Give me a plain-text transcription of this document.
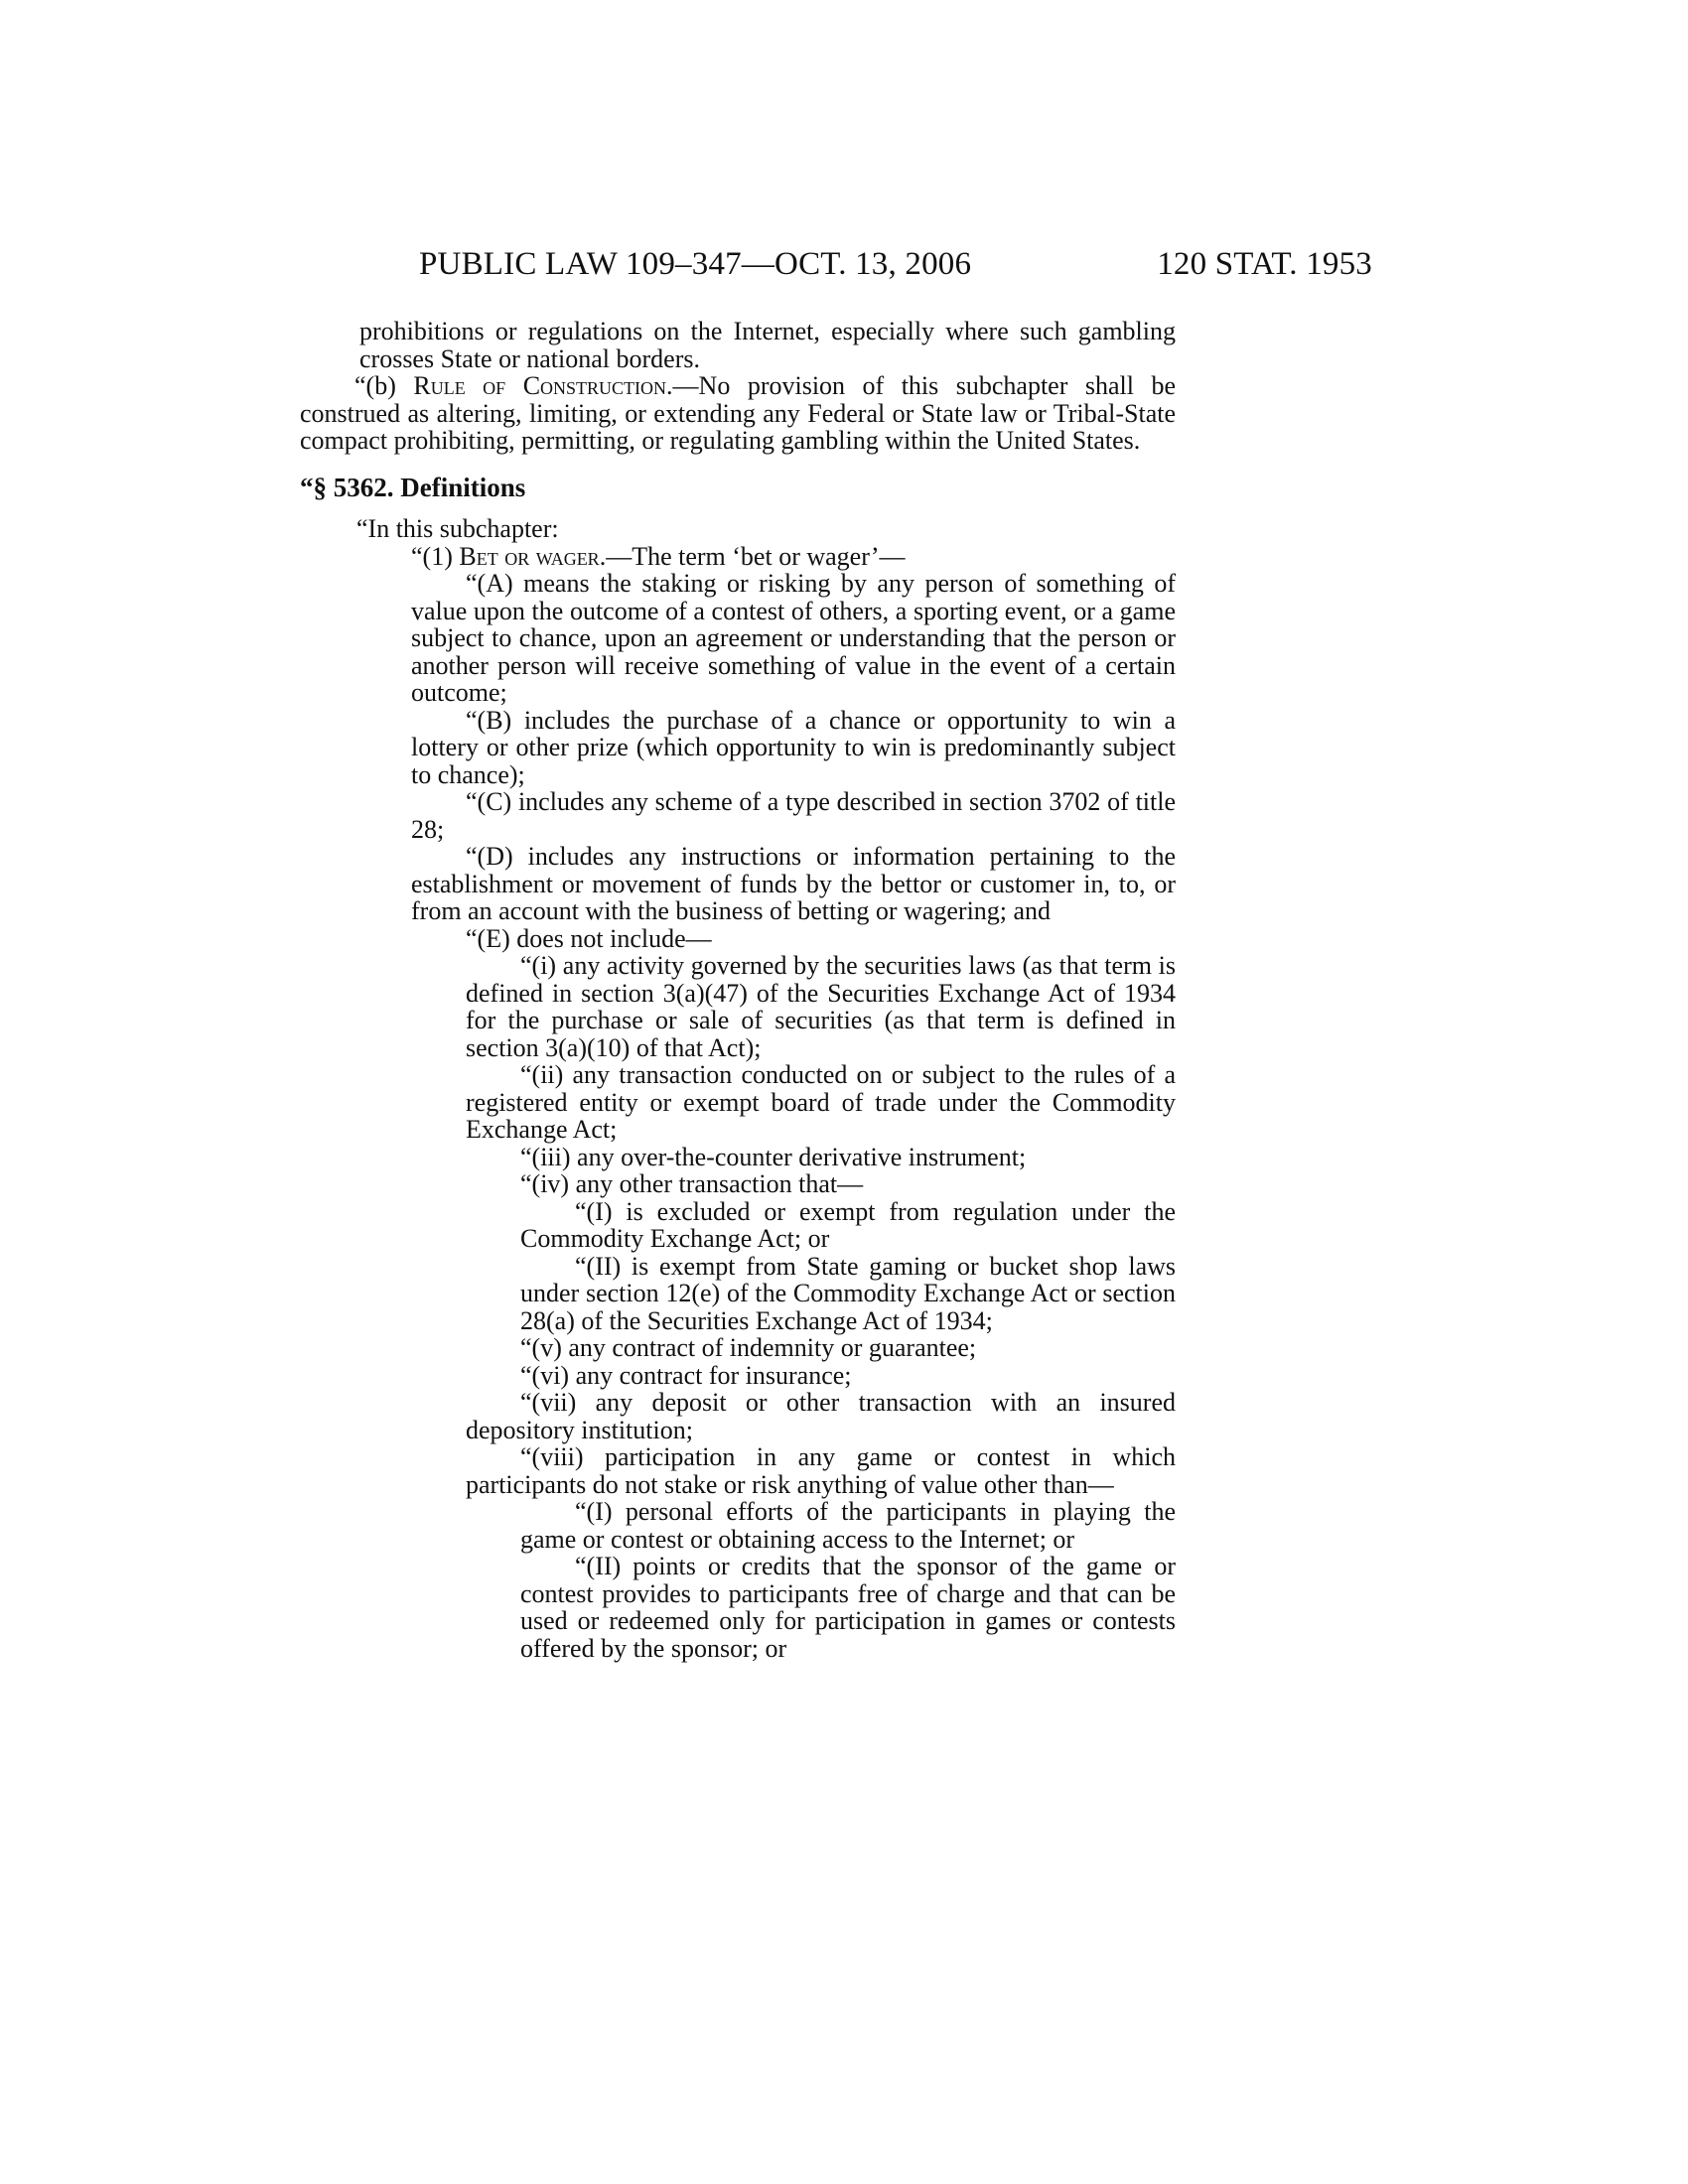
PUBLIC LAW 109–347—OCT. 13, 2006	120 STAT. 1953

prohibitions or regulations on the Internet, especially where such gambling crosses State or national borders.

“(b) Rule of Construction.—No provision of this subchapter shall be construed as altering, limiting, or extending any Federal or State law or Tribal-State compact prohibiting, permitting, or regulating gambling within the United States.

“§ 5362. Definitions

“In this subchapter:

“(1) Bet or wager.—The term ‘bet or wager’—

“(A) means the staking or risking by any person of something of value upon the outcome of a contest of others, a sporting event, or a game subject to chance, upon an agreement or understanding that the person or another person will receive something of value in the event of a certain outcome;

“(B) includes the purchase of a chance or opportunity to win a lottery or other prize (which opportunity to win is predominantly subject to chance);

“(C) includes any scheme of a type described in section 3702 of title 28;

“(D) includes any instructions or information pertaining to the establishment or movement of funds by the bettor or customer in, to, or from an account with the business of betting or wagering; and

“(E) does not include—

“(i) any activity governed by the securities laws (as that term is defined in section 3(a)(47) of the Securities Exchange Act of 1934 for the purchase or sale of securities (as that term is defined in section 3(a)(10) of that Act);

“(ii) any transaction conducted on or subject to the rules of a registered entity or exempt board of trade under the Commodity Exchange Act;

“(iii) any over-the-counter derivative instrument;

“(iv) any other transaction that—

“(I) is excluded or exempt from regulation under the Commodity Exchange Act; or

“(II) is exempt from State gaming or bucket shop laws under section 12(e) of the Commodity Exchange Act or section 28(a) of the Securities Exchange Act of 1934;

“(v) any contract of indemnity or guarantee;

“(vi) any contract for insurance;

“(vii) any deposit or other transaction with an insured depository institution;

“(viii) participation in any game or contest in which participants do not stake or risk anything of value other than—

“(I) personal efforts of the participants in playing the game or contest or obtaining access to the Internet; or

“(II) points or credits that the sponsor of the game or contest provides to participants free of charge and that can be used or redeemed only for participation in games or contests offered by the sponsor; or
